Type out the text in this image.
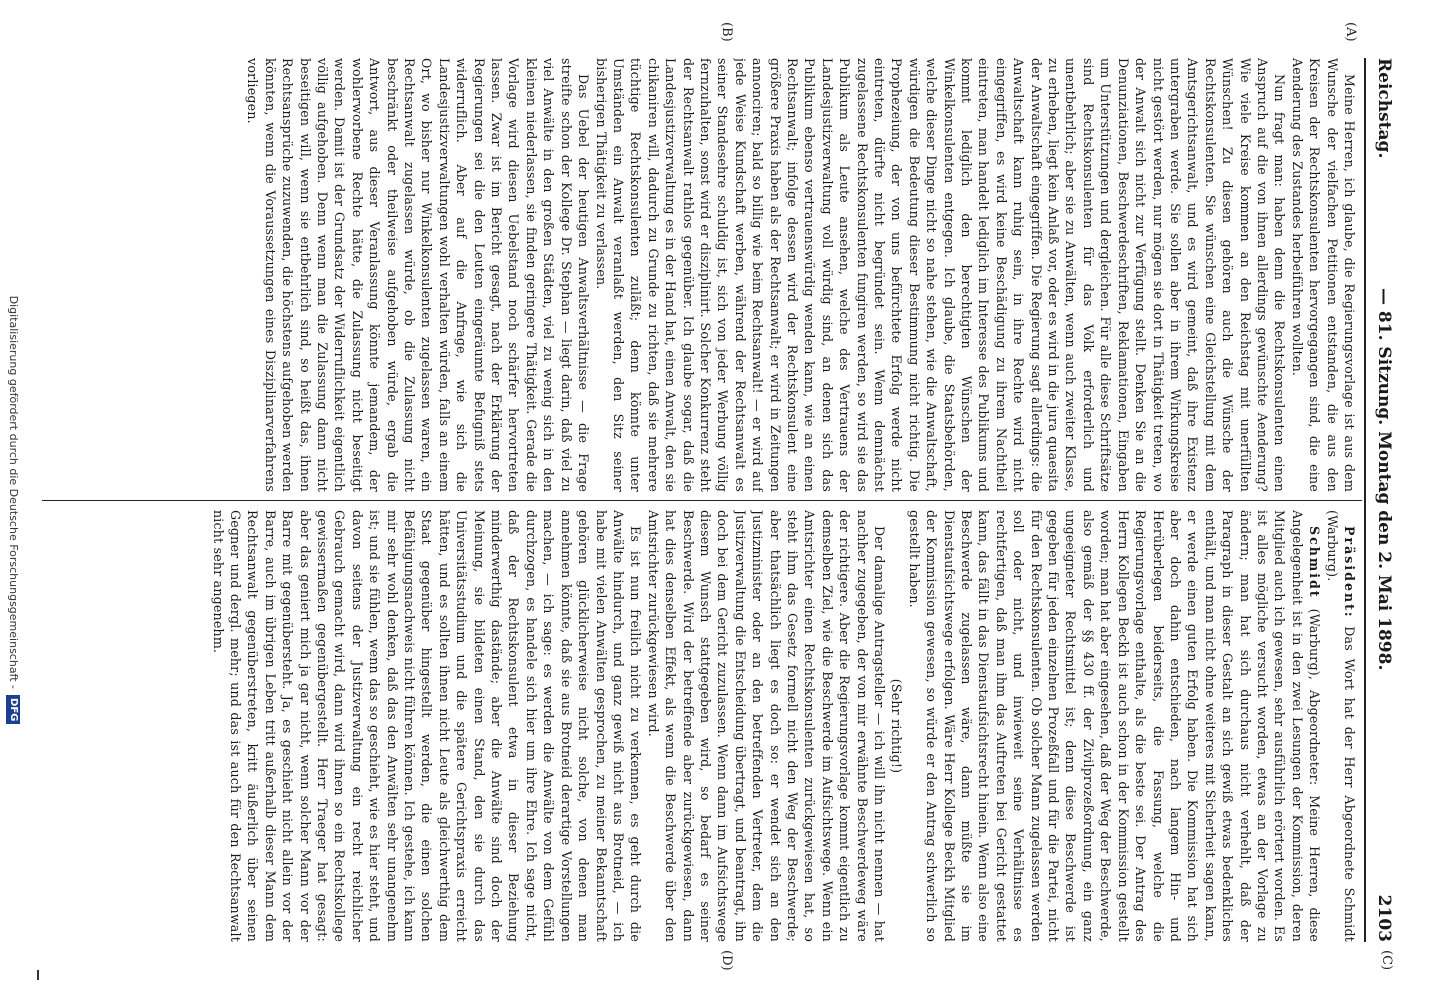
Reichstag.
— 81. Sitzung. Montag den 2. Mai 1898.
2103
(A)
(B)
(C)
(D)

Meine Herren, ich glaube, die Regierungsvorlage ist aus dem Wunsche der vielfachen Petitionen entstanden, die aus den Kreisen der Rechtskonsulenten hervorgegangen sind, die eine Aenderung des Zustandes herbeiführen wollten.

Nun fragt man: haben denn die Rechtskonsulenten einen Anspruch auf die von ihnen allerdings gewünschte Aenderung? Wie viele Kreise kommen an den Reichstag mit unerfüllten Wünschen! Zu diesen gehören auch die Wünsche der Rechtskonsulenten. Sie wünschen eine Gleichstellung mit dem Amtsgerichtsanwalt, und es wird gemeint, daß ihre Existenz untergraben werde. Sie sollen aber in ihrem Wirkungskreise nicht gestört werden, nur mögen sie dort in Thätigkeit treten, wo der Anwalt sich nicht zur Verfügung stellt. Denken Sie an die Denunziationen, Beschwerdeschriften, Reklamationen, Eingaben um Unterstützungen und dergleichen. Für alle diese Schriftsätze sind Rechtskonsulenten für das Volk erforderlich und unentbehrlich; aber sie zu Anwälten, wenn auch zweiter Klasse, zu erheben, liegt kein Anlaß vor, oder es wird in die jura quaesita der Anwaltschaft eingegriffen. Die Regierung sagt allerdings: die Anwaltschaft kann ruhig sein, in ihre Rechte wird nicht eingegriffen, es wird keine Beschädigung zu ihrem Nachtheil eintreten, man handelt lediglich im Interesse des Publikums und kommt lediglich den berechtigten Wünschen der Winkelkonsulenten entgegen. Ich glaube, die Staatsbehörden, welche dieser Dinge nicht so nahe stehen, wie die Anwaltschaft, würdigen die Bedeutung dieser Bestimmung nicht richtig. Die Prophezeiung, der von uns befürchtete Erfolg werde nicht eintreten, dürfte nicht begründet sein. Wenn demnächst zugelassene Rechtskonsulenten fungiren werden, so wird sie das Publikum als Leute ansehen, welche des Vertrauens der Landesjustizverwaltung voll würdig sind, an denen sich das Publikum ebenso vertrauenswürdig wenden kann, wie an einen Rechtsanwalt; infolge dessen wird der Rechtskonsulent eine größere Praxis haben als der Rechtsanwalt; er wird in Zeitungen annonciren; bald so billig wie beim Rechtsanwalt! — er wird auf jede Weise Kundschaft werben, während der Rechtsanwalt es seiner Standesehre schuldig ist, sich von jeder Werbung völlig fernzuhalten, sonst wird er disziplinirt. Solcher Konkurrenz steht der Rechtsanwalt rathlos gegenüber. Ich glaube sogar, daß die Landesjustizverwaltung es in der Hand hat, einen Anwalt, den sie chikaniren will, dadurch zu Grunde zu richten, daß sie mehrere tüchtige Rechtskonsulenten zuläßt; denn könnte unter Umständen ein Anwalt veranlaßt werden, den Sitz seiner bisherigen Thätigkeit zu verlassen.

Das Uebel der heutigen Anwaltsverhältnisse — die Frage streifte schon der Kollege Dr. Stephan — liegt darin, daß viel zu viel Anwälte in den großen Städten, viel zu wenig sich in den kleinen niederlassen, sie finden geringere Thätigkeit. Gerade die Vorlage wird diesen Uebelstand noch schärfer hervortreten lassen. Zwar ist im Bericht gesagt, nach der Erklärung der Regierungen sei die den Leuten eingeräumte Befugniß stets widerruflich. Aber auf die Anfrage, wie sich die Landesjustizverwaltungen wohl verhalten würden, falls an einem Ort, wo bisher nur Winkelkonsulenten zugelassen waren, ein Rechtsanwalt zugelassen würde, ob die Zulassung nicht beschränkt oder theilweise aufgehoben würde, ergab die Antwort, aus dieser Veranlassung könnte jemandem, der wohlerworbene Rechte hätte, die Zulassung nicht beseitigt werden. Damit ist der Grundsatz der Widerruflichkeit eigentlich völlig aufgehoben. Denn wenn man die Zulassung dann nicht beseitigen will, wenn sie entbehrlich sind, so heißt das, ihnen Rechtsansprüche zuzuwenden, die höchstens aufgehoben werden könnten, wenn die Voraussetzungen eines Disziplinarverfahrens vorliegen.

Präsident: Das Wort hat der Herr Abgeordnete Schmidt (Warburg).

Schmidt (Warburg), Abgeordneter: Meine Herren, diese Angelegenheit ist in den zwei Lesungen der Kommission, deren Mitglied auch ich gewesen, sehr ausführlich erörtert worden. Es ist alles mögliche versucht worden, etwas an der Vorlage zu ändern; man hat sich durchaus nicht verhehlt, daß der Paragraph in dieser Gestalt an sich gewiß etwas bedenkliches enthält, und man nicht ohne weiteres mit Sicherheit sagen kann, er werde einen guten Erfolg haben. Die Kommission hat sich aber doch dahin entschieden, nach langem Hin- und Herüberlegen beiderseits, die Fassung, welche die Regierungsvorlage enthalte, als die beste sei. Der Antrag des Herrn Kollegen Beckh ist auch schon in der Kommission gestellt worden; man hat aber eingesehen, daß der Weg der Beschwerde, also gemäß der §§ 430 ff. der Zivilprozeßordnung, ein ganz ungeeigneter Rechtsmittel ist; denn diese Beschwerde ist gegeben für jeden einzelnen Prozeßfall und für die Partei, nicht für den Rechtskonsulenten. Ob solcher Mann zugelassen werden soll oder nicht, und inwieweit seine Verhältnisse es rechtfertigen, daß man ihm das Auftreten bei Gericht gestattet kann, das fällt in das Dienstaufsichtsrecht hinein. Wenn also eine Beschwerde zugelassen wäre, dann müßte sie im Dienstaufsichtswege erfolgen. Wäre Herr Kollege Beckh Mitglied der Kommission gewesen, so würde er den Antrag schwerlich so gestellt haben.

(Sehr richtig!)

Der damalige Antragsteller — ich will ihn nicht nennen — hat nachher zugegeben, der von mir erwähnte Beschwerdeweg wäre der richtigere. Aber die Regierungsvorlage kommt eigentlich zu demselben Ziel, wie die Beschwerde im Aufsichtswege. Wenn ein Amtsrichter einen Rechtskonsulenten zurückgewiesen hat, so steht ihm das Gesetz formell nicht den Weg der Beschwerde; aber thatsächlich liegt es doch so: er wendet sich an den Justizminister oder an den betreffenden Vertreter, dem die Justizverwaltung die Entscheidung übertragt, und beantragt, ihn doch bei dem Gericht zuzulassen. Wenn dann im Aufsichtswege diesem Wunsch stattgegeben wird, so bedarf es seiner Beschwerde. Wird der betreffende aber zurückgewiesen, dann hat dies denselben Effekt, als wenn die Beschwerde über den Amtsrichter zurückgewiesen wird.

Es ist nun freilich nicht zu verkennen, es geht durch die Anwälte hindurch, und ganz gewiß nicht aus Brotneid, — ich habe mit vielen Anwälten gesprochen, zu meiner Bekanntschaft gehören glücklicherweise nicht solche, von denen man annehmen könnte, daß sie aus Brotneid derartige Vorstellungen machen, — ich sage: es werden die Anwälte von dem Gefühl durchzogen, es handele sich hier um ihre Ehre. Ich sage nicht, daß der Rechtskonsulent etwa in dieser Beziehung minderwerthig dastände; aber die Anwälte sind doch der Meinung, sie bildeten einen Stand, den sie durch das Universitätsstudium und die spätere Gerichtspraxis erreicht hätten, und es sollten ihnen nicht Leute als gleichwerthig dem Staat gegenüber hingestellt werden, die einen solchen Befähigungsnachweis nicht führen können. Ich gestehe, ich kann mir sehr wohl denken, daß das den Anwälten sehr unangenehm ist; und sie fühlen, wenn das so geschieht, wie es hier steht, und davon seitens der Justizverwaltung ein recht reichlicher Gebrauch gemacht wird, dann wird ihnen so ein Rechtskollege gewissermaßen gegenübergestellt. Herr Traeger hat gesagt: aber das geniert mich ja gar nicht, wenn solcher Mann vor der Barre mit gegenübersteht. Ja, es geschieht nicht allein vor der Barre, auch im übrigen Leben tritt außerhalb dieser Mann dem Rechtsanwalt gegenüberstreten, kritt äußerlich über seinen Gegner und dergl. mehr; und das ist auch für den Rechtsanwalt nicht sehr angenehm.

Digitalisierung gefördert durch die Deutsche Forschungsgemeinschaft -DFG
